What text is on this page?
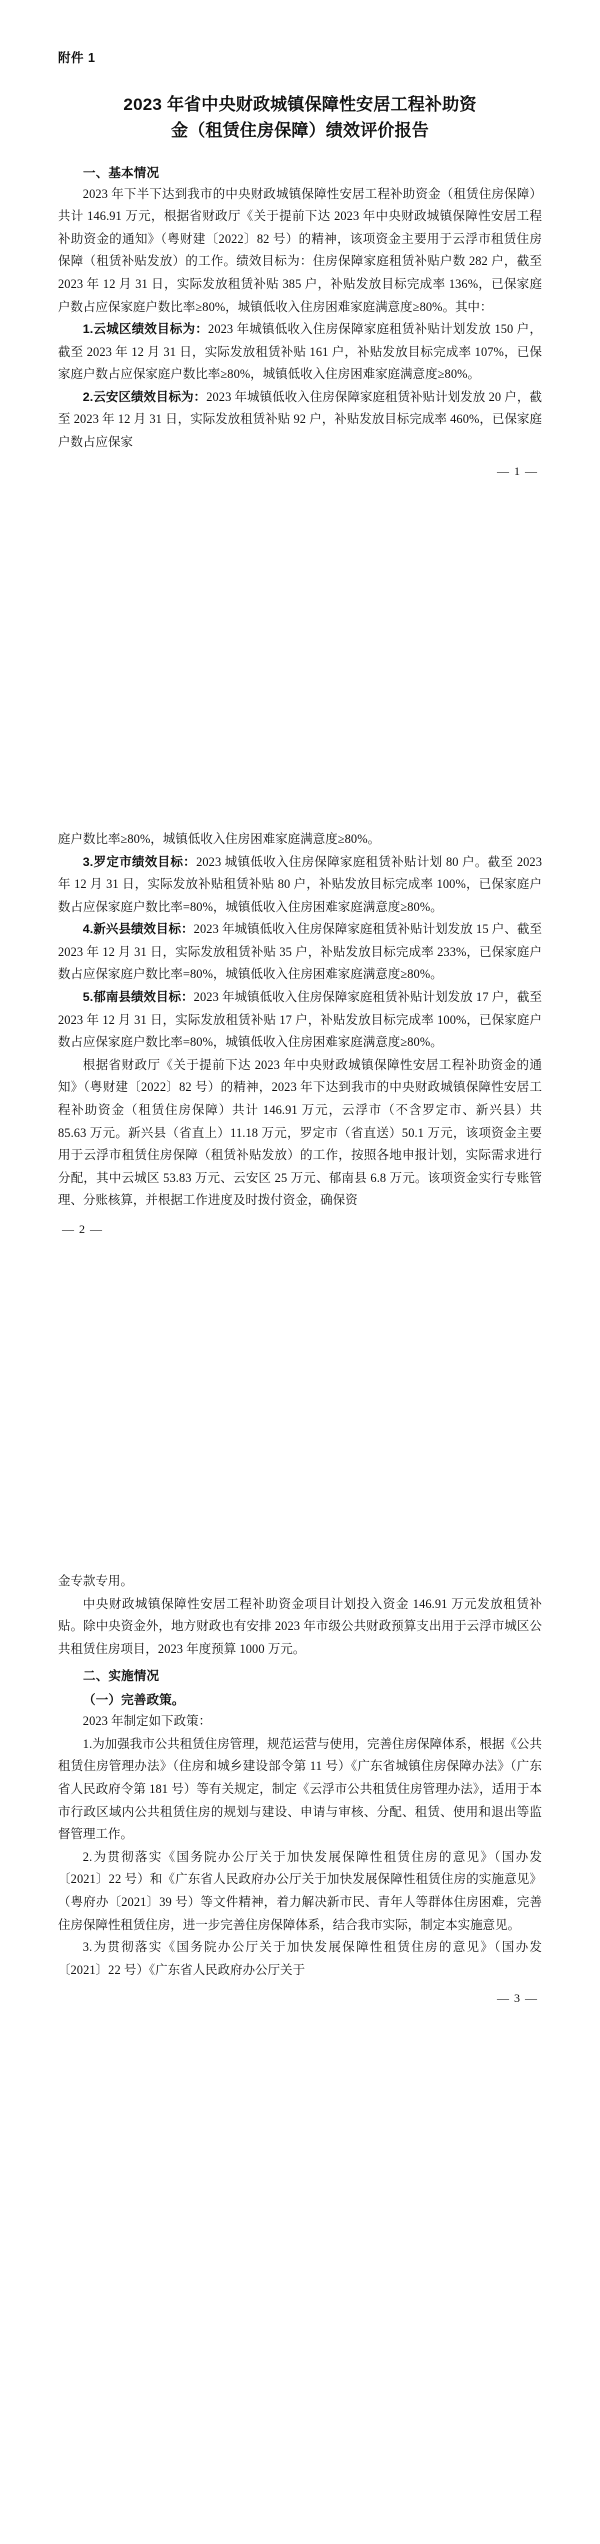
附件 1
2023 年省中央财政城镇保障性安居工程补助资
金（租赁住房保障）绩效评价报告
一、基本情况

2023 年下半下达到我市的中央财政城镇保障性安居工程补助资金（租赁住房保障）共计 146.91 万元，根据省财政厅《关于提前下达 2023 年中央财政城镇保障性安居工程补助资金的通知》（粤财建〔2022〕82 号）的精神，该项资金主要用于云浮市租赁住房保障（租赁补贴发放）的工作。绩效目标为：住房保障家庭租赁补贴户数 282 户，截至 2023 年 12 月 31 日，实际发放租赁补贴 385 户，补贴发放目标完成率 136%，已保家庭户数占应保家庭户数比率≥80%，城镇低收入住房困难家庭满意度≥80%。其中：

1.云城区绩效目标为：2023 年城镇低收入住房保障家庭租赁补贴计划发放 150 户，截至 2023 年 12 月 31 日，实际发放租赁补贴 161 户，补贴发放目标完成率 107%，已保家庭户数占应保家庭户数比率≥80%，城镇低收入住房困难家庭满意度≥80%。

2.云安区绩效目标为：2023 年城镇低收入住房保障家庭租赁补贴计划发放 20 户，截至 2023 年 12 月 31 日，实际发放租赁补贴 92 户，补贴发放目标完成率 460%，已保家庭户数占应保家

— 1 —

庭户数比率≥80%，城镇低收入住房困难家庭满意度≥80%。

3.罗定市绩效目标：2023 城镇低收入住房保障家庭租赁补贴计划 80 户。截至 2023 年 12 月 31 日，实际发放补贴租赁补贴 80 户，补贴发放目标完成率 100%，已保家庭户数占应保家庭户数比率=80%，城镇低收入住房困难家庭满意度≥80%。

4.新兴县绩效目标：2023 年城镇低收入住房保障家庭租赁补贴计划发放 15 户、截至 2023 年 12 月 31 日，实际发放租赁补贴 35 户，补贴发放目标完成率 233%，已保家庭户数占应保家庭户数比率=80%，城镇低收入住房困难家庭满意度≥80%。

5.郁南县绩效目标：2023 年城镇低收入住房保障家庭租赁补贴计划发放 17 户，截至 2023 年 12 月 31 日，实际发放租赁补贴 17 户，补贴发放目标完成率 100%，已保家庭户数占应保家庭户数比率=80%，城镇低收入住房困难家庭满意度≥80%。

根据省财政厅《关于提前下达 2023 年中央财政城镇保障性安居工程补助资金的通知》（粤财建〔2022〕82 号）的精神，2023 年下达到我市的中央财政城镇保障性安居工程补助资金（租赁住房保障）共计 146.91 万元，云浮市（不含罗定市、新兴县）共 85.63 万元。新兴县（省直上）11.18 万元，罗定市（省直送）50.1 万元，该项资金主要用于云浮市租赁住房保障（租赁补贴发放）的工作，按照各地申报计划，实际需求进行分配，其中云城区 53.83 万元、云安区 25 万元、郁南县 6.8 万元。该项资金实行专账管理、分账核算，并根据工作进度及时拨付资金，确保资

— 2 —

金专款专用。

中央财政城镇保障性安居工程补助资金项目计划投入资金 146.91 万元发放租赁补贴。除中央资金外，地方财政也有安排 2023 年市级公共财政预算支出用于云浮市城区公共租赁住房项目，2023 年度预算 1000 万元。

二、实施情况
（一）完善政策。

2023 年制定如下政策：

1.为加强我市公共租赁住房管理，规范运营与使用，完善住房保障体系，根据《公共租赁住房管理办法》（住房和城乡建设部令第 11 号）《广东省城镇住房保障办法》（广东省人民政府令第 181 号）等有关规定，制定《云浮市公共租赁住房管理办法》，适用于本市行政区域内公共租赁住房的规划与建设、申请与审核、分配、租赁、使用和退出等监督管理工作。

2.为贯彻落实《国务院办公厅关于加快发展保障性租赁住房的意见》（国办发〔2021〕22 号）和《广东省人民政府办公厅关于加快发展保障性租赁住房的实施意见》（粤府办〔2021〕39 号）等文件精神，着力解决新市民、青年人等群体住房困难，完善住房保障性租赁住房，进一步完善住房保障体系，结合我市实际，制定本实施意见。

3.为贯彻落实《国务院办公厅关于加快发展保障性租赁住房的意见》（国办发〔2021〕22 号）《广东省人民政府办公厅关于

— 3 —
